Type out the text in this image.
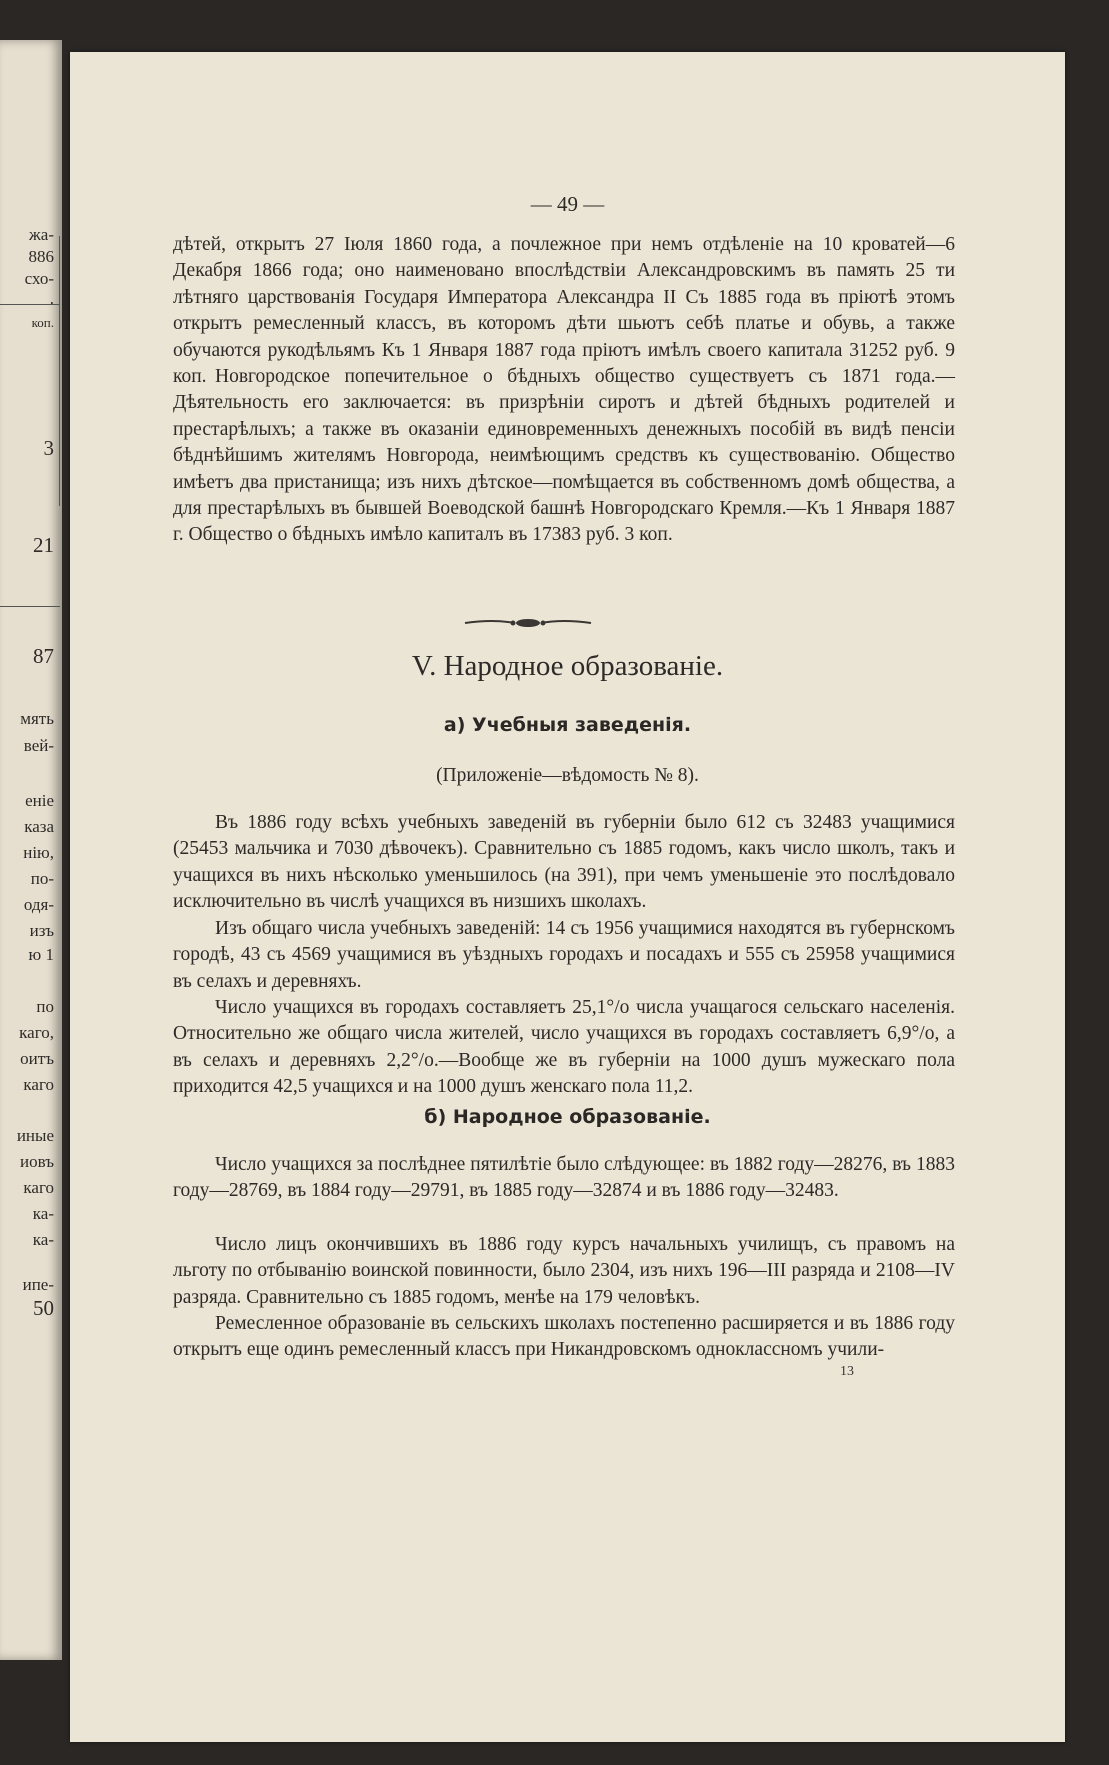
жа-
886
схо-
.
коп.
3
21
87
мять
вей-
еніе
каза
нію,
по-
одя-
изъ
ю 1
по
каго,
оитъ
каго
иные
иовъ
каго
ка-
ка-
ипе-
50
— 49 —

дѣтей, открытъ 27 Іюля 1860 года, а почлежное при немъ отдѣленіе на 10 кроватей—6 Декабря 1866 года; оно наименовано впослѣдствіи Александровскимъ въ память 25 ти лѣтняго царствованія Государя Императора Александра II Съ 1885 года въ пріютѣ этомъ открытъ ремесленный классъ, въ которомъ дѣти шьютъ себѣ платье и обувь, а также обучаются рукодѣльямъ Къ 1 Января 1887 года пріютъ имѣлъ своего капитала 31252 руб. 9 коп. Новгородское попечительное о бѣдныхъ общество существуетъ съ 1871 года.—Дѣятельность его заключается: въ призрѣніи сиротъ и дѣтей бѣдныхъ родителей и престарѣлыхъ; а также въ оказаніи единовременныхъ денежныхъ пособій въ видѣ пенсіи бѣднѣйшимъ жителямъ Новгорода, неимѣющимъ средствъ къ существованію. Общество имѣетъ два пристанища; изъ нихъ дѣтское—помѣщается въ собственномъ домѣ общества, а для престарѣлыхъ въ бывшей Воеводской башнѣ Новгородскаго Кремля.—Къ 1 Января 1887 г. Общество о бѣдныхъ имѣло капиталъ въ 17383 руб. 3 коп.

V. Народное образованіе.
а) Учебныя заведенія.
(Приложеніе—вѣдомость № 8).

Въ 1886 году всѣхъ учебныхъ заведеній въ губерніи было 612 съ 32483 учащимися (25453 мальчика и 7030 дѣвочекъ). Сравнительно съ 1885 годомъ, какъ число школъ, такъ и учащихся въ нихъ нѣсколько уменьшилось (на 391), при чемъ уменьшеніе это послѣдовало исключительно въ числѣ учащихся въ низшихъ школахъ.

Изъ общаго числа учебныхъ заведеній: 14 съ 1956 учащимися находятся въ губернскомъ городѣ, 43 съ 4569 учащимися въ уѣздныхъ городахъ и посадахъ и 555 съ 25958 учащимися въ селахъ и деревняхъ.

Число учащихся въ городахъ составляетъ 25,1°/о числа учащагося сельскаго населенія. Относительно же общаго числа жителей, число учащихся въ городахъ составляетъ 6,9°/о, а въ селахъ и деревняхъ 2,2°/о.—Вообще же въ губерніи на 1000 душъ мужескаго пола приходится 42,5 учащихся и на 1000 душъ женскаго пола 11,2.

б) Народное образованіе.

Число учащихся за послѣднее пятилѣтіе было слѣдующее: въ 1882 году—28276, въ 1883 году—28769, въ 1884 году—29791, въ 1885 году—32874 и въ 1886 году—32483.

Число лицъ окончившихъ въ 1886 году курсъ начальныхъ училищъ, съ правомъ на льготу по отбыванію воинской повинности, было 2304, изъ нихъ 196—III разряда и 2108—IV разряда. Сравнительно съ 1885 годомъ, менѣе на 179 человѣкъ.

Ремесленное образованіе въ сельскихъ школахъ постепенно расширяется и въ 1886 году открытъ еще одинъ ремесленный классъ при Никандровскомъ одноклассномъ учили-

13
